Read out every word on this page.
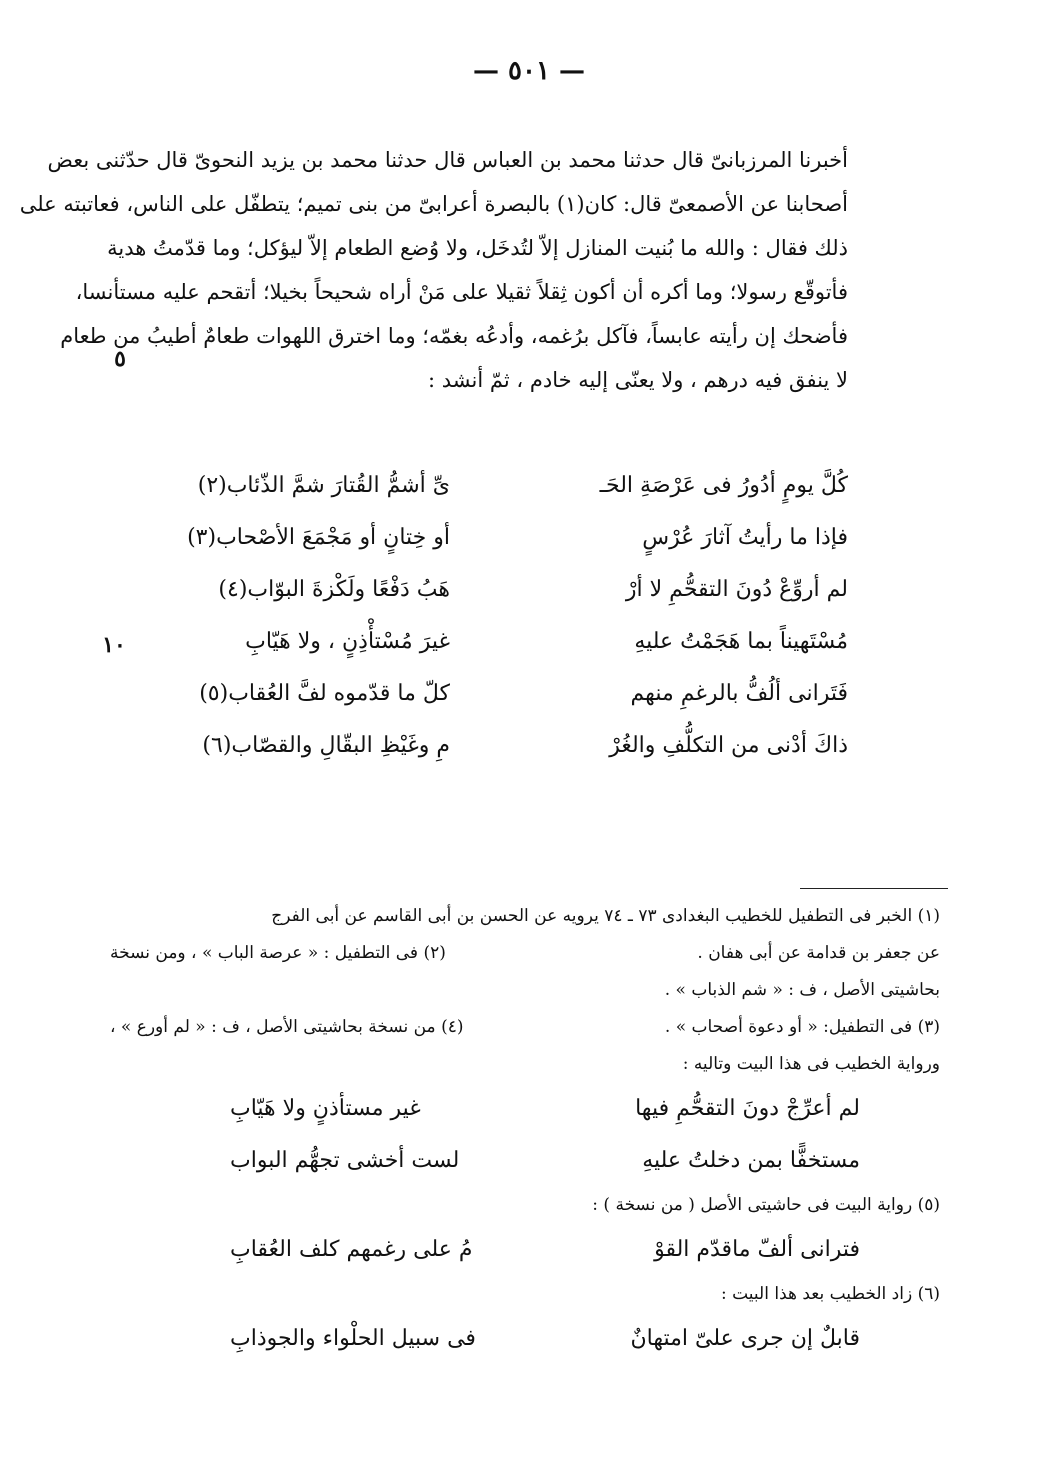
— ٥٠١ —
أخبرنا المرزبانىّ قال حدثنا محمد بن العباس قال حدثنا محمد بن يزيد النحوىّ قال حدّثنى بعض
أصحابنا عن الأصمعىّ قال: كان(١) بالبصرة أعرابىّ من بنى تميم؛ يتطفّل على الناس، فعاتبته على
ذلك فقال : والله ما بُنيت المنازل إلاّ لتُدخَل، ولا وُضع الطعام إلاّ ليؤكل؛ وما قدّمتُ هدية
فأتوقّع رسولا؛ وما أكره أن أكون ثِقلاً ثقيلا على مَنْ أراه شحيحاً بخيلا؛ أتقحم عليه مستأنسا،
فأضحك إن رأيته عابساً، فآكل برُغمه، وأدعُه بغمّه؛ وما اخترق اللهوات طعامٌ أطيبُ من طعام
لا ينفق فيه درهم ، ولا يعنّى إليه خادم ، ثمّ أنشد :
٥
كُلَّ يومٍ أدُورُ فى عَرْصَةِ الحَـ
ىِّ أشمُّ القُتارَ شمَّ الذّئاب(٢)
فإذا ما رأيتُ آثارَ عُرْسٍ
أو خِتانٍ أو مَجْمَعَ الأصْحاب(٣)
لم أروِّعْ دُونَ التقحُّمِ لا أرْ
هَبُ دَفْعًا ولَكْزةَ البوّاب(٤)
مُسْتَهيناً بما هَجَمْتُ عليهِ
غيرَ مُسْتأْذِنٍ ، ولا هَيّابِ
فَتَرانى ألُفُّ بالرغمِ منهم
كلّ ما قدّموه لفَّ العُقاب(٥)
ذاكَ أدْنى من التكلُّفِ والغُرْ
مِ وغَيْظِ البقّالِ والقصّاب(٦)
١٠
(١) الخبر فى التطفيل للخطيب البغدادى ٧٣ ـ ٧٤ يرويه عن الحسن بن أبى القاسم عن أبى الفرج
عن جعفر بن قدامة عن أبى هفان .
(٢) فى التطفيل : « عرصة الباب » ، ومن نسخة
بحاشيتى الأصل ، ف : « شم الذباب » .
(٣) فى التطفيل: « أو دعوة أصحاب » .
(٤) من نسخة بحاشيتى الأصل ، ف : « لم أورع » ،
ورواية الخطيب فى هذا البيت وتاليه :
لم أعرِّجْ دونَ التقحُّمِ فيها
غير مستأذنٍ ولا هَيّابِ
مستخفًّا بمن دخلتُ عليهِ
لست أخشى تجهُّم البواب
(٥) رواية البيت فى حاشيتى الأصل ( من نسخة ) :
فترانى ألفّ ماقدّم القوْ
مُ على رغمهم كلف العُقابِ
(٦) زاد الخطيب بعد هذا البيت :
قابلٌ إن جرى علىّ امتهانٌ
فى سبيل الحلْواء والجوذابِ
